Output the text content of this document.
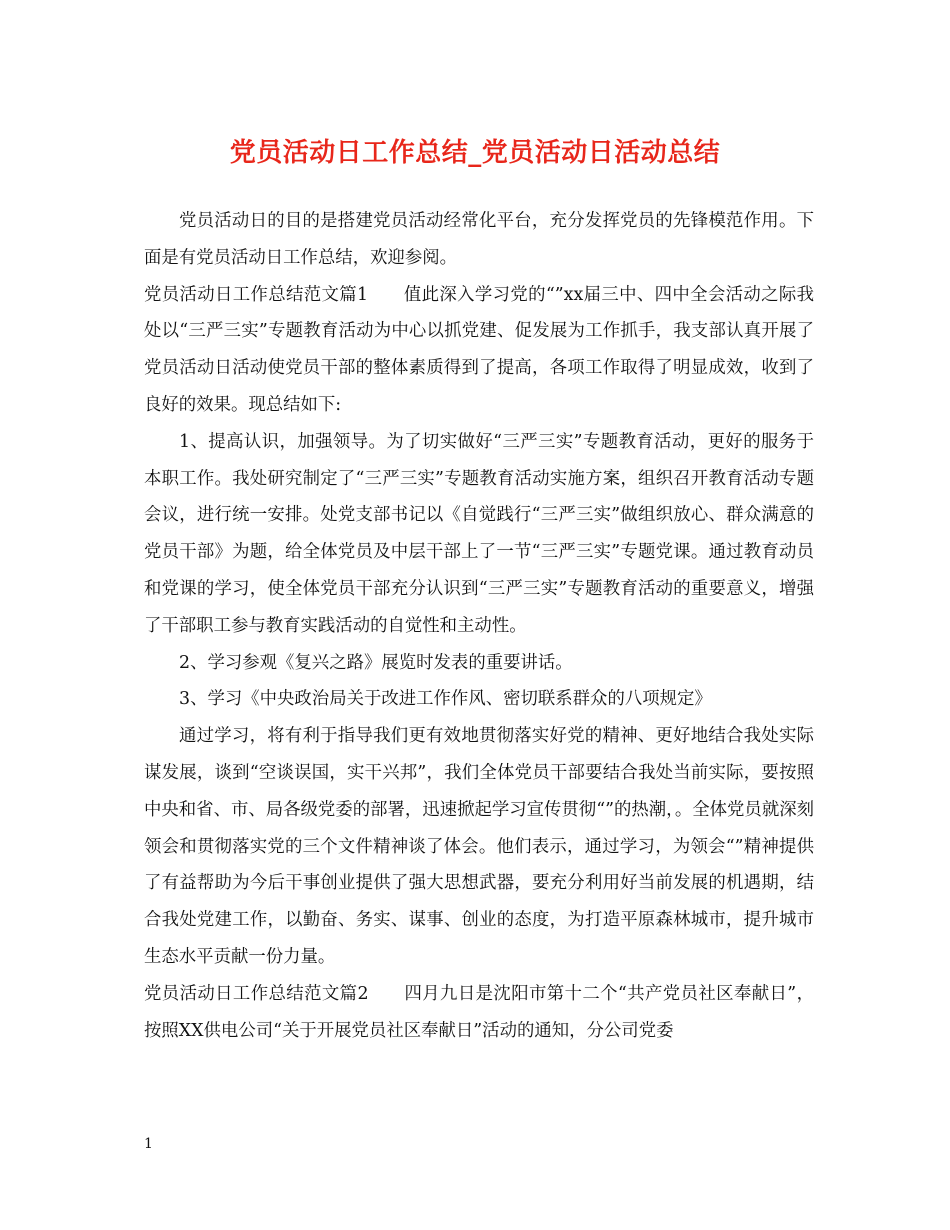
党员活动日工作总结_党员活动日活动总结

党员活动日的目的是搭建党员活动经常化平台，充分发挥党员的先锋模范作用。下面是有党员活动日工作总结，欢迎参阅。

党员活动日工作总结范文篇1　　值此深入学习党的“”xx届三中、四中全会活动之际我处以“三严三实”专题教育活动为中心以抓党建、促发展为工作抓手，我支部认真开展了党员活动日活动使党员干部的整体素质得到了提高，各项工作取得了明显成效，收到了良好的效果。现总结如下:

1、提高认识，加强领导。为了切实做好“三严三实”专题教育活动，更好的服务于本职工作。我处研究制定了“三严三实”专题教育活动实施方案，组织召开教育活动专题会议，进行统一安排。处党支部书记以《自觉践行“三严三实”做组织放心、群众满意的党员干部》为题，给全体党员及中层干部上了一节“三严三实”专题党课。通过教育动员和党课的学习，使全体党员干部充分认识到“三严三实”专题教育活动的重要意义，增强了干部职工参与教育实践活动的自觉性和主动性。

2、学习参观《复兴之路》展览时发表的重要讲话。

3、学习《中央政治局关于改进工作作风、密切联系群众的八项规定》

通过学习，将有利于指导我们更有效地贯彻落实好党的精神、更好地结合我处实际谋发展，谈到“空谈误国，实干兴邦”，我们全体党员干部要结合我处当前实际，要按照中央和省、市、局各级党委的部署，迅速掀起学习宣传贯彻“”的热潮，。全体党员就深刻领会和贯彻落实党的三个文件精神谈了体会。他们表示，通过学习，为领会“”精神提供了有益帮助为今后干事创业提供了强大思想武器，要充分利用好当前发展的机遇期，结合我处党建工作，以勤奋、务实、谋事、创业的态度，为打造平原森林城市，提升城市生态水平贡献一份力量。

党员活动日工作总结范文篇2　　四月九日是沈阳市第十二个“共产党员社区奉献日”，按照XX供电公司“关于开展党员社区奉献日”活动的通知，分公司党委

1
